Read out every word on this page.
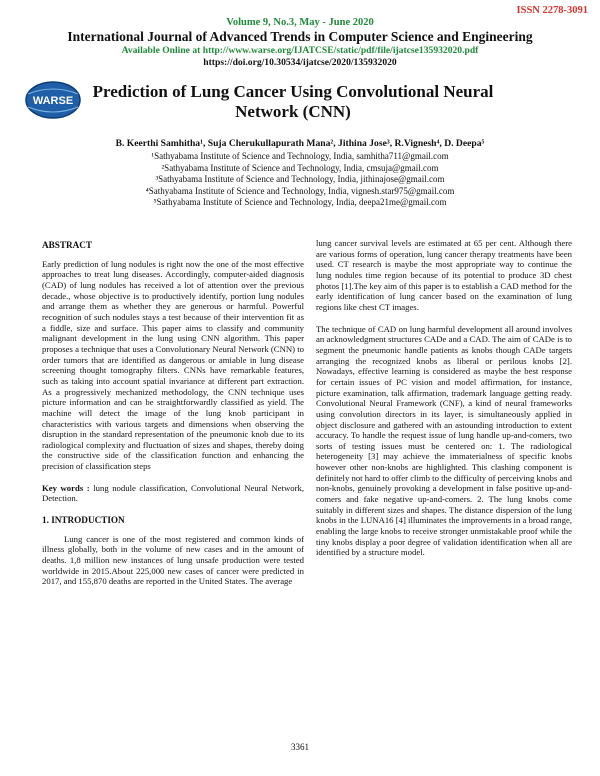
ISSN 2278-3091
Volume 9, No.3, May - June 2020
International Journal of Advanced Trends in Computer Science and Engineering
Available Online at http://www.warse.org/IJATCSE/static/pdf/file/ijatcse135932020.pdf
https://doi.org/10.30534/ijatcse/2020/135932020
WARSE Prediction of Lung Cancer Using Convolutional Neural Network (CNN)
B. Keerthi Samhitha¹, Suja Cherukullapurath Mana², Jithina Jose³, R.Vignesh⁴, D. Deepa⁵
¹Sathyabama Institute of Science and Technology, India, samhitha711@gmail.com
²Sathyabama Institute of Science and Technology, India, cmsuja@gmail.com
³Sathyabama Institute of Science and Technology, India, jithinajose@gmail.com
⁴Sathyabama Institute of Science and Technology, India, vignesh.star975@gmail.com
⁵Sathyabama Institute of Science and Technology, India, deepa21me@gmail.com
ABSTRACT

Early prediction of lung nodules is right now the one of the most effective approaches to treat lung diseases. Accordingly, computer-aided diagnosis (CAD) of lung nodules has received a lot of attention over the previous decade., whose objective is to productively identify, portion lung nodules and arrange them as whether they are generous or harmful. Powerful recognition of such nodules stays a test because of their intervention fit as a fiddle, size and surface. This paper aims to classify and community malignant development in the lung using CNN algorithm. This paper proposes a technique that uses a Convolutionary Neural Network (CNN) to order tumors that are identified as dangerous or amiable in lung disease screening thought tomography filters. CNNs have remarkable features, such as taking into account spatial invariance at different part extraction. As a progressively mechanized methodology, the CNN technique uses picture information and can be straightforwardly classified as yield. The machine will detect the image of the lung knob participant in characteristics with various targets and dimensions when observing the disruption in the standard representation of the pneumonic knob due to its radiological complexity and fluctuation of sizes and shapes, thereby doing the constructive side of the classification function and enhancing the precision of classification steps

Key words : lung nodule classification, Convolutional Neural Network, Detection.

1. INTRODUCTION

Lung cancer is one of the most registered and common kinds of illness globally, both in the volume of new cases and in the amount of deaths. 1,8 million new instances of lung unsafe production were tested worldwide in 2015.About 225,000 new cases of cancer were predicted in 2017, and 155,870 deaths are reported in the United States. The average

lung cancer survival levels are estimated at 65 per cent. Although there are various forms of operation, lung cancer therapy treatments have been used. CT research is maybe the most appropriate way to continue the lung nodules time region because of its potential to produce 3D chest photos [1].The key aim of this paper is to establish a CAD method for the early identification of lung cancer based on the examination of lung regions like chest CT images.

The technique of CAD on lung harmful development all around involves an acknowledgment structures CADe and a CAD. The aim of CADe is to segment the pneumonic handle patients as knobs though CADe targets arranging the recognized knobs as liberal or perilous knobs [2]. Nowadays, effective learning is considered as maybe the best response for certain issues of PC vision and model affirmation, for instance, picture examination, talk affirmation, trademark language getting ready. Convolutional Neural Framework (CNF), a kind of neural frameworks using convolution directors in its layer, is simultaneously applied in object disclosure and gathered with an astounding introduction to extent accuracy. To handle the request issue of lung handle up-and-comers, two sorts of testing issues must be centered on: 1. The radiological heterogeneity [3] may achieve the immaterialness of specific knobs however other non-knobs are highlighted. This clashing component is definitely not hard to offer climb to the difficulty of perceiving knobs and non-knobs, genuinely provoking a development in false positive up-and-comers and fake negative up-and-comers. 2. The lung knobs come suitably in different sizes and shapes. The distance dispersion of the lung knobs in the LUNA16 [4] illuminates the improvements in a broad range, enabling the large knobs to receive stronger unmistakable proof while the tiny knobs display a poor degree of validation identification when all are identified by a structure model.

3361
